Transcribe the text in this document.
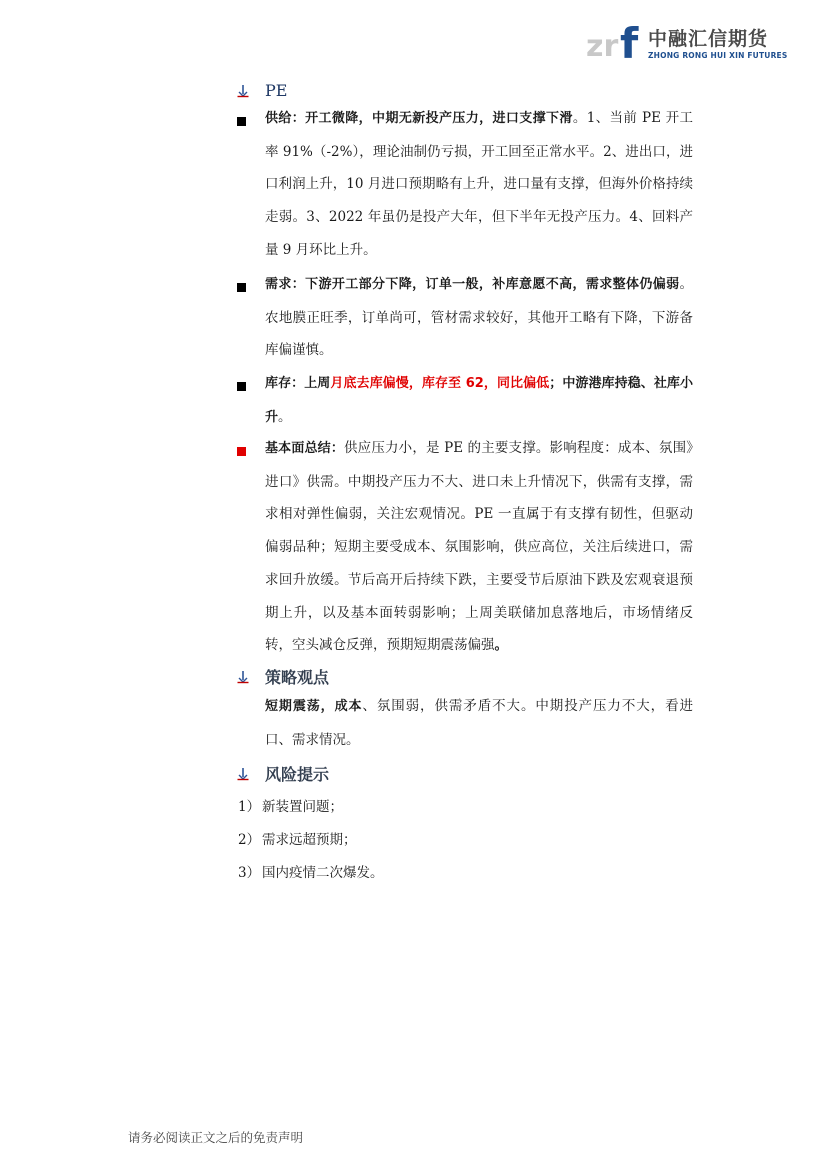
zr f 中融汇信期货
ZHONG RONG HUI XIN FUTURES
PE
供给：开工微降，中期无新投产压力，进口支撑下滑。1、当前 PE 开工率 91%（-2%），理论油制仍亏损，开工回至正常水平。2、进出口，进口利润上升，10 月进口预期略有上升，进口量有支撑，但海外价格持续走弱。3、2022 年虽仍是投产大年，但下半年无投产压力。4、回料产量 9 月环比上升。
需求：下游开工部分下降，订单一般，补库意愿不高，需求整体仍偏弱。农地膜正旺季，订单尚可，管材需求较好，其他开工略有下降，下游备库偏谨慎。
库存：上周月底去库偏慢，库存至 62，同比偏低；中游港库持稳、社库小升。
基本面总结：供应压力小，是 PE 的主要支撑。影响程度：成本、氛围》进口》供需。中期投产压力不大、进口未上升情况下，供需有支撑，需求相对弹性偏弱，关注宏观情况。PE 一直属于有支撑有韧性，但驱动偏弱品种；短期主要受成本、氛围影响，供应高位，关注后续进口，需求回升放缓。节后高开后持续下跌，主要受节后原油下跌及宏观衰退预期上升，以及基本面转弱影响；上周美联储加息落地后，市场情绪反转，空头减仓反弹，预期短期震荡偏强。
策略观点
短期震荡，成本、氛围弱，供需矛盾不大。中期投产压力不大，看进口、需求情况。
风险提示
1） 新装置问题；
2） 需求远超预期；
3） 国内疫情二次爆发。
请务必阅读正文之后的免责声明
